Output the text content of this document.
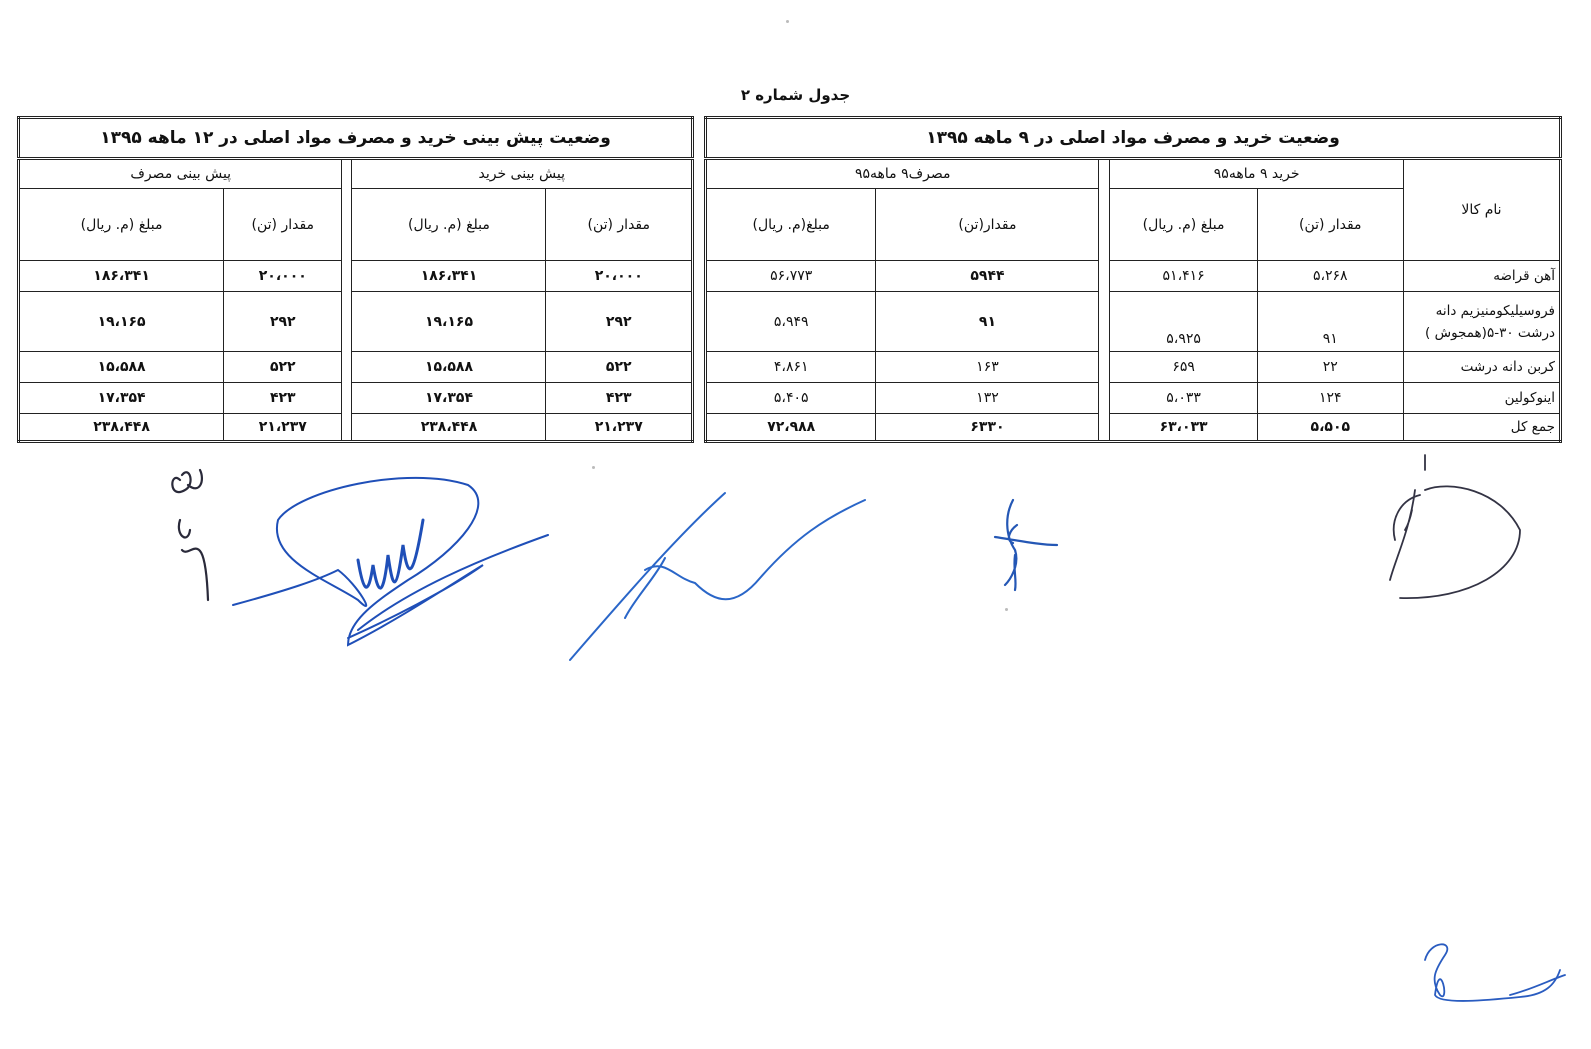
جدول شماره ۲
وضعیت خرید و مصرف مواد اصلی در ۹ ماهه ۱۳۹۵					
نام کالا	خرید ۹ ماهه۹۵			مصرف۹ ماهه۹۵	
	مقدار (تن)	مبلغ (م. ریال)		مقدار(تن)	مبلغ(م. ریال)
آهن قراضه	۵،۲۶۸	۵۱،۴۱۶		۵۹۴۴	۵۶،۷۷۳
فروسیلیکومنیزیم دانه درشت ۳۰-۵(همجوش )	۹۱	۵،۹۲۵		۹۱	۵،۹۴۹
کربن دانه درشت	۲۲	۶۵۹		۱۶۳	۴،۸۶۱
اینوکولین	۱۲۴	۵،۰۳۳		۱۳۲	۵،۴۰۵
جمع کل	۵،۵۰۵	۶۳،۰۳۳		۶۳۳۰	۷۲،۹۸۸
وضعیت پیش بینی خرید و مصرف مواد اصلی در ۱۲ ماهه ۱۳۹۵				
پیش بینی خرید			پیش بینی مصرف	
مقدار (تن)	مبلغ (م. ریال)		مقدار (تن)	مبلغ (م. ریال)
۲۰،۰۰۰	۱۸۶،۳۴۱		۲۰،۰۰۰	۱۸۶،۳۴۱
۲۹۲	۱۹،۱۶۵		۲۹۲	۱۹،۱۶۵
۵۲۲	۱۵،۵۸۸		۵۲۲	۱۵،۵۸۸
۴۲۳	۱۷،۳۵۴		۴۲۳	۱۷،۳۵۴
۲۱،۲۳۷	۲۳۸،۴۴۸		۲۱،۲۳۷	۲۳۸،۴۴۸
